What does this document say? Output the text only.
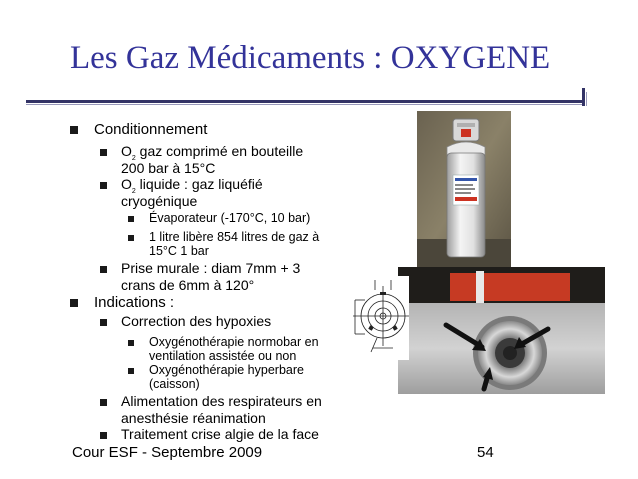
Les Gaz Médicaments : OXYGENE
Conditionnement
$O_2$ gaz comprimé en bouteille
200 bar à 15°C
$O_2$ liquide : gaz liquéfié
cryogénique
Évaporateur (-170°C, 10 bar)
1 litre libère 854 litres de gaz à
15°C 1 bar
Prise murale : diam 7mm + 3
crans de 6mm à 120°
Indications :
Correction des hypoxies
Oxygénothérapie normobar en
ventilation assistée ou non
Oxygénothérapie hyperbare
(caisson)
Alimentation des respirateurs en
anesthésie réanimation
Traitement crise algie de la face
Cour ESF - Septembre 2009	54
